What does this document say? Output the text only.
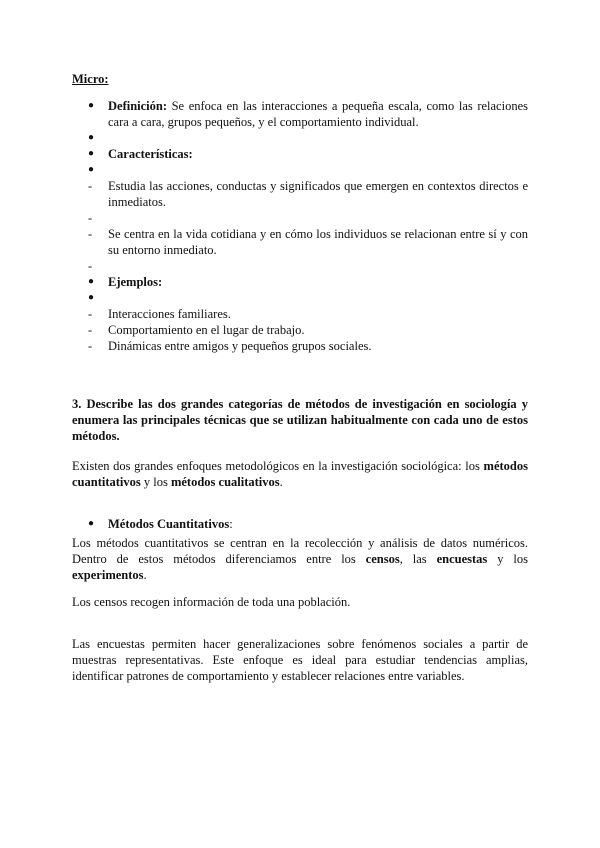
Micro:
● Definición: Se enfoca en las interacciones a pequeña escala, como las relaciones cara a cara, grupos pequeños, y el comportamiento individual.
●
● Características:
●
- Estudia las acciones, conductas y significados que emergen en contextos directos e inmediatos.
-
- Se centra en la vida cotidiana y en cómo los individuos se relacionan entre sí y con su entorno inmediato.
-
● Ejemplos:
●
- Interacciones familiares.
- Comportamiento en el lugar de trabajo.
- Dinámicas entre amigos y pequeños grupos sociales.
3. Describe las dos grandes categorías de métodos de investigación en sociología y enumera las principales técnicas que se utilizan habitualmente con cada uno de estos métodos.
Existen dos grandes enfoques metodológicos en la investigación sociológica: los métodos cuantitativos y los métodos cualitativos.
● Métodos Cuantitativos:
Los métodos cuantitativos se centran en la recolección y análisis de datos numéricos. Dentro de estos métodos diferenciamos entre los censos, las encuestas y los experimentos.
Los censos recogen información de toda una población.
Las encuestas permiten hacer generalizaciones sobre fenómenos sociales a partir de muestras representativas. Este enfoque es ideal para estudiar tendencias amplias, identificar patrones de comportamiento y establecer relaciones entre variables.
